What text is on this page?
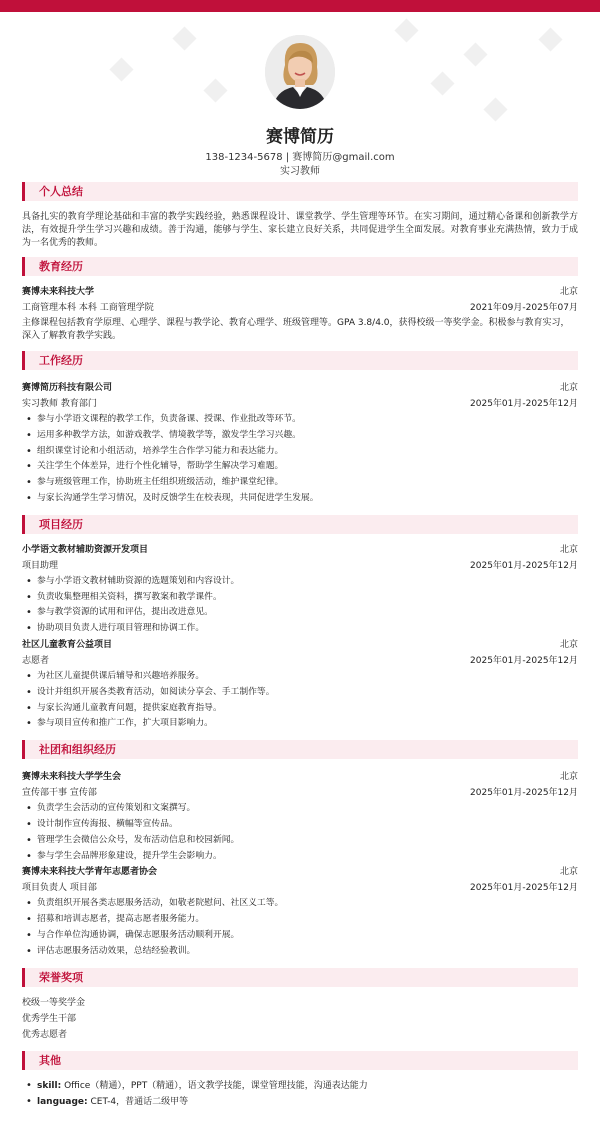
赛博简历
138-1234-5678 | 赛博简历@gmail.com
实习教师
个人总结
具备扎实的教育学理论基础和丰富的教学实践经验，熟悉课程设计、课堂教学、学生管理等环节。在实习期间，通过精心备课和创新教学方法，有效提升学生学习兴趣和成绩。善于沟通，能够与学生、家长建立良好关系，共同促进学生全面发展。对教育事业充满热情，致力于成为一名优秀的教师。
教育经历
赛博未来科技大学	北京
工商管理本科 本科 工商管理学院	2021年09月-2025年07月
主修课程包括教育学原理、心理学、课程与教学论、教育心理学、班级管理等。GPA 3.8/4.0，获得校级一等奖学金。积极参与教育实习，深入了解教育教学实践。
工作经历
赛博简历科技有限公司	北京
实习教师 教育部门	2025年01月-2025年12月
• 参与小学语文课程的教学工作，负责备课、授课、作业批改等环节。
• 运用多种教学方法，如游戏教学、情境教学等，激发学生学习兴趣。
• 组织课堂讨论和小组活动，培养学生合作学习能力和表达能力。
• 关注学生个体差异，进行个性化辅导，帮助学生解决学习难题。
• 参与班级管理工作，协助班主任组织班级活动，维护课堂纪律。
• 与家长沟通学生学习情况，及时反馈学生在校表现，共同促进学生发展。
项目经历
小学语文教材辅助资源开发项目	北京
项目助理	2025年01月-2025年12月
• 参与小学语文教材辅助资源的选题策划和内容设计。
• 负责收集整理相关资料，撰写教案和教学课件。
• 参与教学资源的试用和评估，提出改进意见。
• 协助项目负责人进行项目管理和协调工作。
社区儿童教育公益项目	北京
志愿者	2025年01月-2025年12月
• 为社区儿童提供课后辅导和兴趣培养服务。
• 设计并组织开展各类教育活动，如阅读分享会、手工制作等。
• 与家长沟通儿童教育问题，提供家庭教育指导。
• 参与项目宣传和推广工作，扩大项目影响力。
社团和组织经历
赛博未来科技大学学生会	北京
宣传部干事 宣传部	2025年01月-2025年12月
• 负责学生会活动的宣传策划和文案撰写。
• 设计制作宣传海报、横幅等宣传品。
• 管理学生会微信公众号，发布活动信息和校园新闻。
• 参与学生会品牌形象建设，提升学生会影响力。
赛博未来科技大学青年志愿者协会	北京
项目负责人 项目部	2025年01月-2025年12月
• 负责组织开展各类志愿服务活动，如敬老院慰问、社区义工等。
• 招募和培训志愿者，提高志愿者服务能力。
• 与合作单位沟通协调，确保志愿服务活动顺利开展。
• 评估志愿服务活动效果，总结经验教训。
荣誉奖项
校级一等奖学金
优秀学生干部
优秀志愿者
其他
• skill: Office（精通），PPT（精通），语文教学技能，课堂管理技能，沟通表达能力
• language: CET-4，普通话二级甲等
